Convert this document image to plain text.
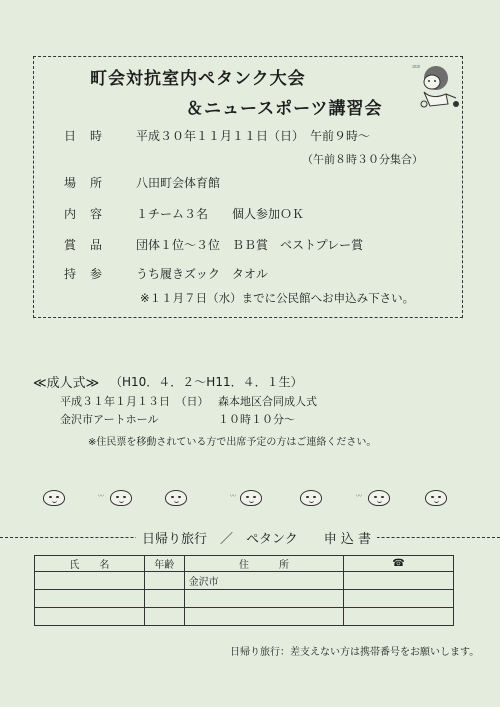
町会対抗室内ペタンク大会
＆ニュースポーツ講習会
ｺﾛｺﾛ
日時 平成３０年１１月１１日（日）　午前９時〜
（午前８時３０分集合）
場所 八田町会体育館
内容 １チーム３名　　個人参加ＯＫ
賞品 団体１位〜３位　ＢＢ賞　ベストプレー賞
持参 うち履きズック　タオル
※１１月７日（水）までに公民館へお申込み下さい。
≪成人式≫ （H10．４．２〜H11．４．１生）
平成３１年１月１３日　（日） 森本地区合同成人式
金沢市アートホール	１０時１０分〜
※住民票を移動されている方で出席予定の方はご連絡ください。
〰	〰	〰
日帰り旅行　／　ペタンク　　申 込 書
氏　　名	年齢	住　　　所	☎
		金沢市	

日帰り旅行：差支えない方は携帯番号をお願いします。
